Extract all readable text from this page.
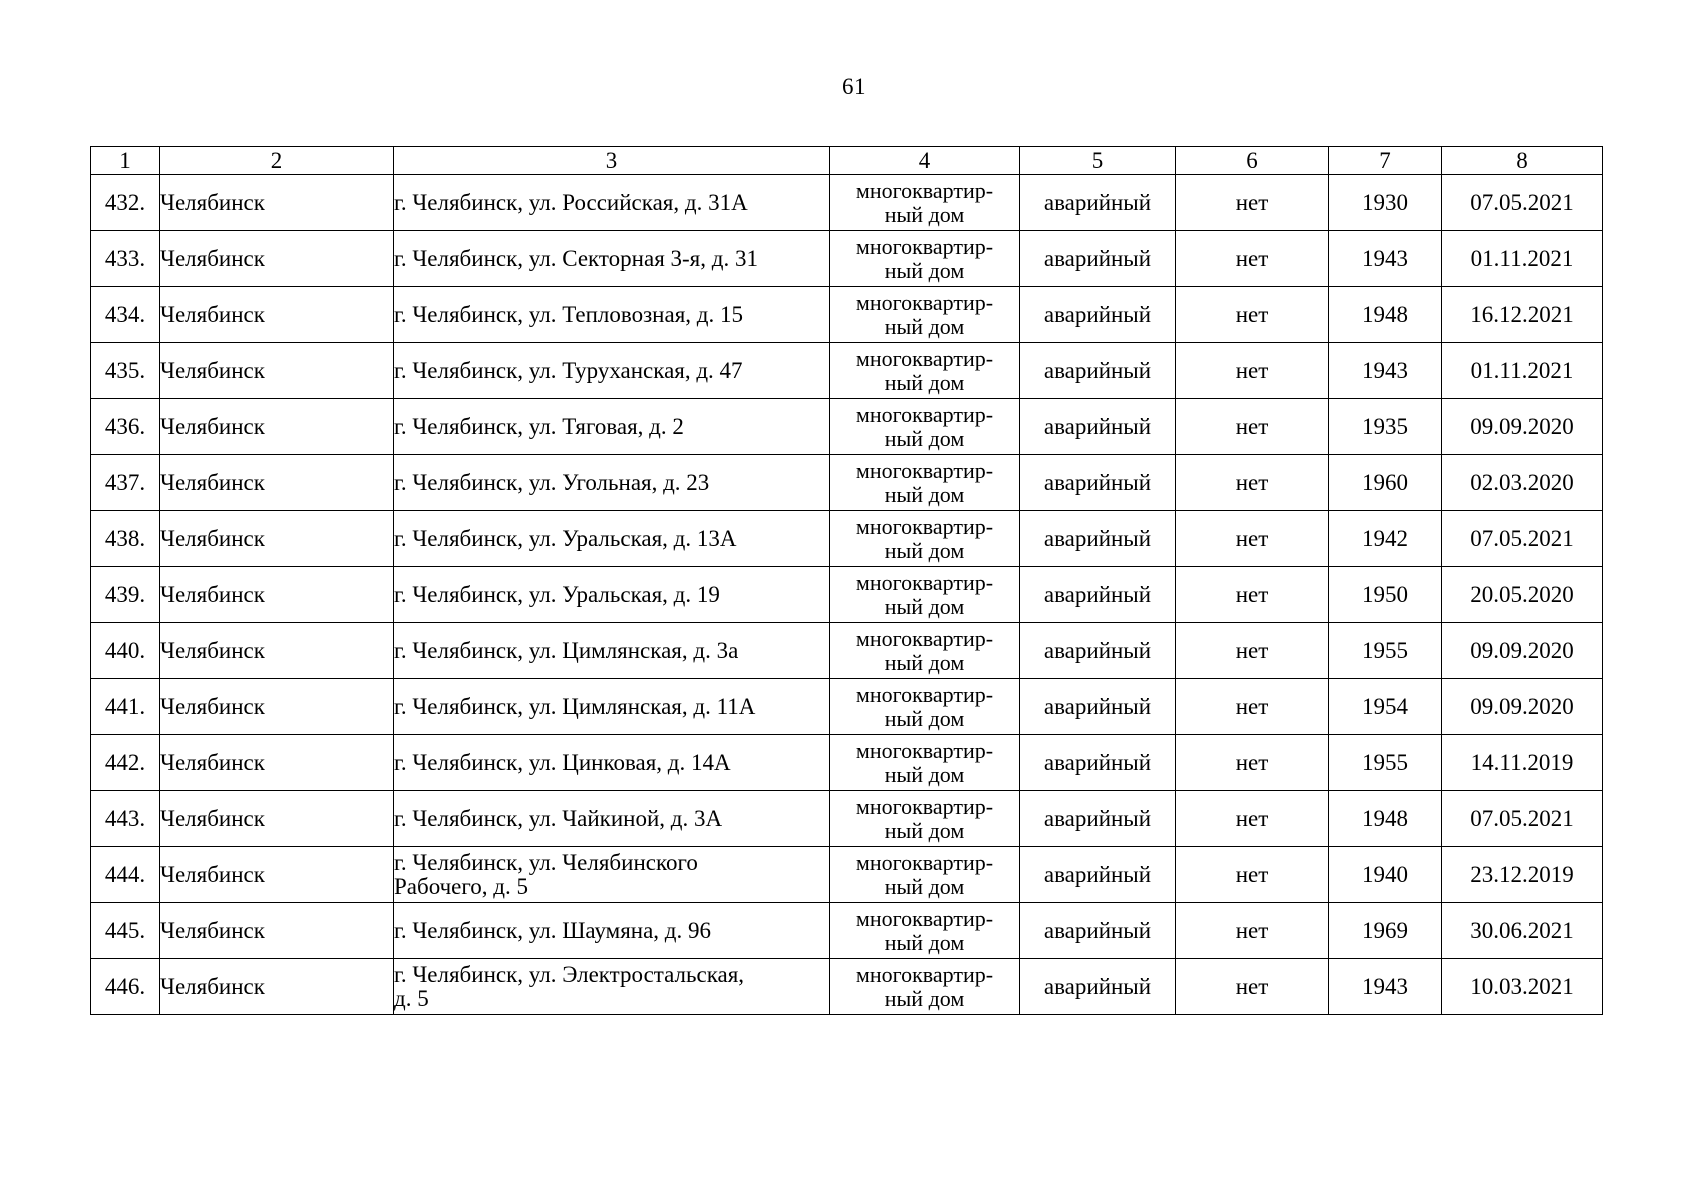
61
1	2	3	4	5	6	7	8
432.	Челябинск	г. Челябинск, ул. Российская, д. 31А	многоквартир-
ный дом	аварийный	нет	1930	07.05.2021
433.	Челябинск	г. Челябинск, ул. Секторная 3-я, д. 31	многоквартир-
ный дом	аварийный	нет	1943	01.11.2021
434.	Челябинск	г. Челябинск, ул. Тепловозная, д. 15	многоквартир-
ный дом	аварийный	нет	1948	16.12.2021
435.	Челябинск	г. Челябинск, ул. Туруханская, д. 47	многоквартир-
ный дом	аварийный	нет	1943	01.11.2021
436.	Челябинск	г. Челябинск, ул. Тяговая, д. 2	многоквартир-
ный дом	аварийный	нет	1935	09.09.2020
437.	Челябинск	г. Челябинск, ул. Угольная, д. 23	многоквартир-
ный дом	аварийный	нет	1960	02.03.2020
438.	Челябинск	г. Челябинск, ул. Уральская, д. 13А	многоквартир-
ный дом	аварийный	нет	1942	07.05.2021
439.	Челябинск	г. Челябинск, ул. Уральская, д. 19	многоквартир-
ный дом	аварийный	нет	1950	20.05.2020
440.	Челябинск	г. Челябинск, ул. Цимлянская, д. 3а	многоквартир-
ный дом	аварийный	нет	1955	09.09.2020
441.	Челябинск	г. Челябинск, ул. Цимлянская, д. 11А	многоквартир-
ный дом	аварийный	нет	1954	09.09.2020
442.	Челябинск	г. Челябинск, ул. Цинковая, д. 14А	многоквартир-
ный дом	аварийный	нет	1955	14.11.2019
443.	Челябинск	г. Челябинск, ул. Чайкиной, д. 3А	многоквартир-
ный дом	аварийный	нет	1948	07.05.2021
444.	Челябинск	г. Челябинск, ул. Челябинского
Рабочего, д. 5	многоквартир-
ный дом	аварийный	нет	1940	23.12.2019
445.	Челябинск	г. Челябинск, ул. Шаумяна, д. 96	многоквартир-
ный дом	аварийный	нет	1969	30.06.2021
446.	Челябинск	г. Челябинск, ул. Электростальская,
д. 5	многоквартир-
ный дом	аварийный	нет	1943	10.03.2021
